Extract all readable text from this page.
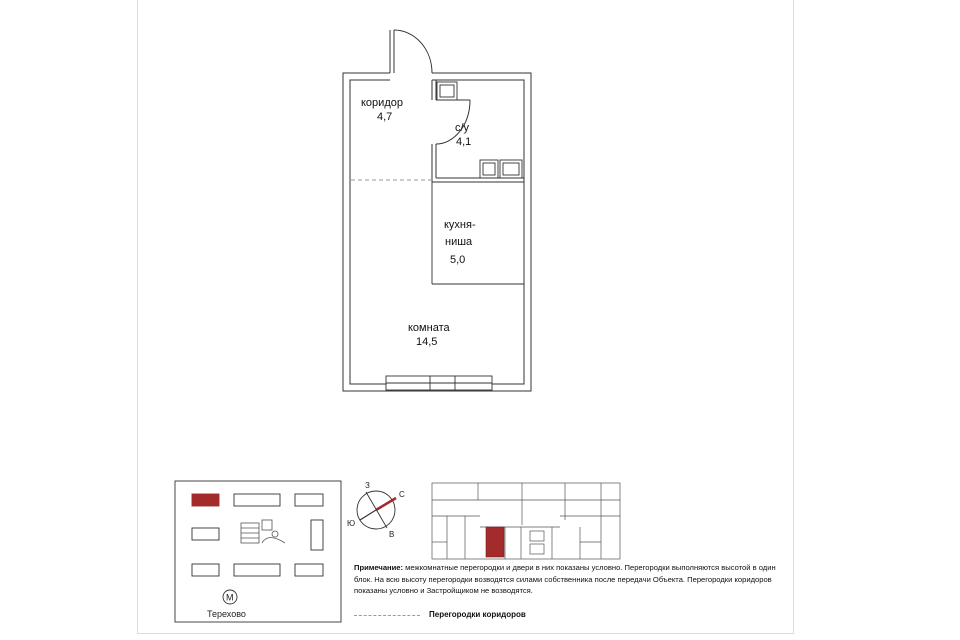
коридор
4,7
с/у
4,1
кухня-
ниша
5,0
комната
14,5
М
Терехово
З
С
Ю
В
Примечание: межкомнатные перегородки и двери в них показаны условно. Перегородки выполняются высотой в один блок. На всю высоту перегородки возводятся силами собственника после передачи Объекта. Перегородки коридоров показаны условно и Застройщиком не возводятся.
Перегородки коридоров
